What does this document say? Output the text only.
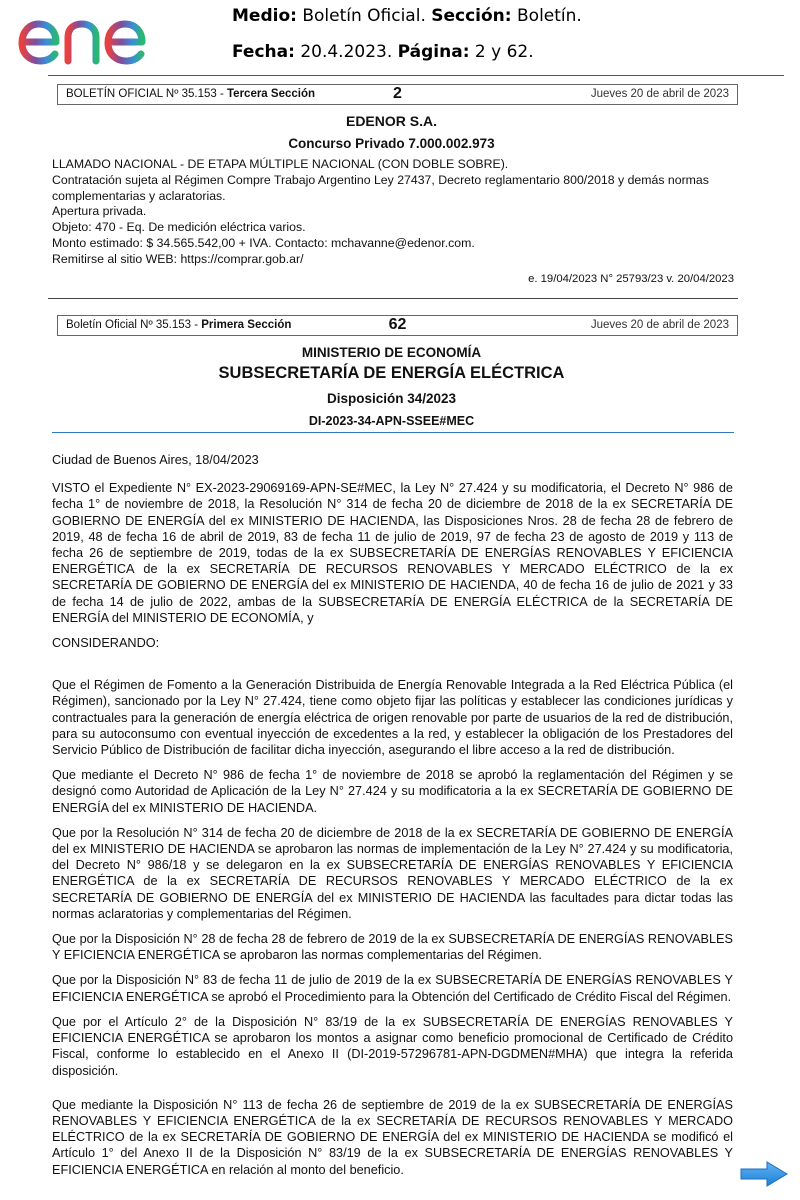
Medio: Boletín Oficial. Sección: Boletín.
Fecha: 20.4.2023. Página: 2 y 62.
BOLETÍN OFICIAL Nº 35.153 - Tercera Sección	2	Jueves 20 de abril de 2023
EDENOR S.A.
Concurso Privado 7.000.002.973

LLAMADO NACIONAL - DE ETAPA MÚLTIPLE NACIONAL (CON DOBLE SOBRE).

Contratación sujeta al Régimen Compre Trabajo Argentino Ley 27437, Decreto reglamentario 800/2018 y demás normas complementarias y aclaratorias.

Apertura privada.

Objeto: 470 - Eq. De medición eléctrica varios.

Monto estimado: $ 34.565.542,00 + IVA. Contacto: mchavanne@edenor.com.

Remitirse al sitio WEB: https://comprar.gob.ar/

e. 19/04/2023 N° 25793/23 v. 20/04/2023
Boletín Oficial Nº 35.153 - Primera Sección	62	Jueves 20 de abril de 2023
MINISTERIO DE ECONOMÍA
SUBSECRETARÍA DE ENERGÍA ELÉCTRICA
Disposición 34/2023
DI-2023-34-APN-SSEE#MEC

Ciudad de Buenos Aires, 18/04/2023

VISTO el Expediente N° EX-2023-29069169-APN-SE#MEC, la Ley N° 27.424 y su modificatoria, el Decreto N° 986 de fecha 1° de noviembre de 2018, la Resolución N° 314 de fecha 20 de diciembre de 2018 de la ex SECRETARÍA DE GOBIERNO DE ENERGÍA del ex MINISTERIO DE HACIENDA, las Disposiciones Nros. 28 de fecha 28 de febrero de 2019, 48 de fecha 16 de abril de 2019, 83 de fecha 11 de julio de 2019, 97 de fecha 23 de agosto de 2019 y 113 de fecha 26 de septiembre de 2019, todas de la ex SUBSECRETARÍA DE ENERGÍAS RENOVABLES Y EFICIENCIA ENERGÉTICA de la ex SECRETARÍA DE RECURSOS RENOVABLES Y MERCADO ELÉCTRICO de la ex SECRETARÍA DE GOBIERNO DE ENERGÍA del ex MINISTERIO DE HACIENDA, 40 de fecha 16 de julio de 2021 y 33 de fecha 14 de julio de 2022, ambas de la SUBSECRETARÍA DE ENERGÍA ELÉCTRICA de la SECRETARÍA DE ENERGÍA del MINISTERIO DE ECONOMÍA, y

CONSIDERANDO:

Que el Régimen de Fomento a la Generación Distribuida de Energía Renovable Integrada a la Red Eléctrica Pública (el Régimen), sancionado por la Ley N° 27.424, tiene como objeto fijar las políticas y establecer las condiciones jurídicas y contractuales para la generación de energía eléctrica de origen renovable por parte de usuarios de la red de distribución, para su autoconsumo con eventual inyección de excedentes a la red, y establecer la obligación de los Prestadores del Servicio Público de Distribución de facilitar dicha inyección, asegurando el libre acceso a la red de distribución.

Que mediante el Decreto N° 986 de fecha 1° de noviembre de 2018 se aprobó la reglamentación del Régimen y se designó como Autoridad de Aplicación de la Ley N° 27.424 y su modificatoria a la ex SECRETARÍA DE GOBIERNO DE ENERGÍA del ex MINISTERIO DE HACIENDA.

Que por la Resolución N° 314 de fecha 20 de diciembre de 2018 de la ex SECRETARÍA DE GOBIERNO DE ENERGÍA del ex MINISTERIO DE HACIENDA se aprobaron las normas de implementación de la Ley N° 27.424 y su modificatoria, del Decreto N° 986/18 y se delegaron en la ex SUBSECRETARÍA DE ENERGÍAS RENOVABLES Y EFICIENCIA ENERGÉTICA de la ex SECRETARÍA DE RECURSOS RENOVABLES Y MERCADO ELÉCTRICO de la ex SECRETARÍA DE GOBIERNO DE ENERGÍA del ex MINISTERIO DE HACIENDA las facultades para dictar todas las normas aclaratorias y complementarias del Régimen.

Que por la Disposición N° 28 de fecha 28 de febrero de 2019 de la ex SUBSECRETARÍA DE ENERGÍAS RENOVABLES Y EFICIENCIA ENERGÉTICA se aprobaron las normas complementarias del Régimen.

Que por la Disposición N° 83 de fecha 11 de julio de 2019 de la ex SUBSECRETARÍA DE ENERGÍAS RENOVABLES Y EFICIENCIA ENERGÉTICA se aprobó el Procedimiento para la Obtención del Certificado de Crédito Fiscal del Régimen.

Que por el Artículo 2° de la Disposición N° 83/19 de la ex SUBSECRETARÍA DE ENERGÍAS RENOVABLES Y EFICIENCIA ENERGÉTICA se aprobaron los montos a asignar como beneficio promocional de Certificado de Crédito Fiscal, conforme lo establecido en el Anexo II (DI-2019-57296781-APN-DGDMEN#MHA) que integra la referida disposición.

Que mediante la Disposición N° 113 de fecha 26 de septiembre de 2019 de la ex SUBSECRETARÍA DE ENERGÍAS RENOVABLES Y EFICIENCIA ENERGÉTICA de la ex SECRETARÍA DE RECURSOS RENOVABLES Y MERCADO ELÉCTRICO de la ex SECRETARÍA DE GOBIERNO DE ENERGÍA del ex MINISTERIO DE HACIENDA se modificó el Artículo 1° del Anexo II de la Disposición N° 83/19 de la ex SUBSECRETARÍA DE ENERGÍAS RENOVABLES Y EFICIENCIA ENERGÉTICA en relación al monto del beneficio.
